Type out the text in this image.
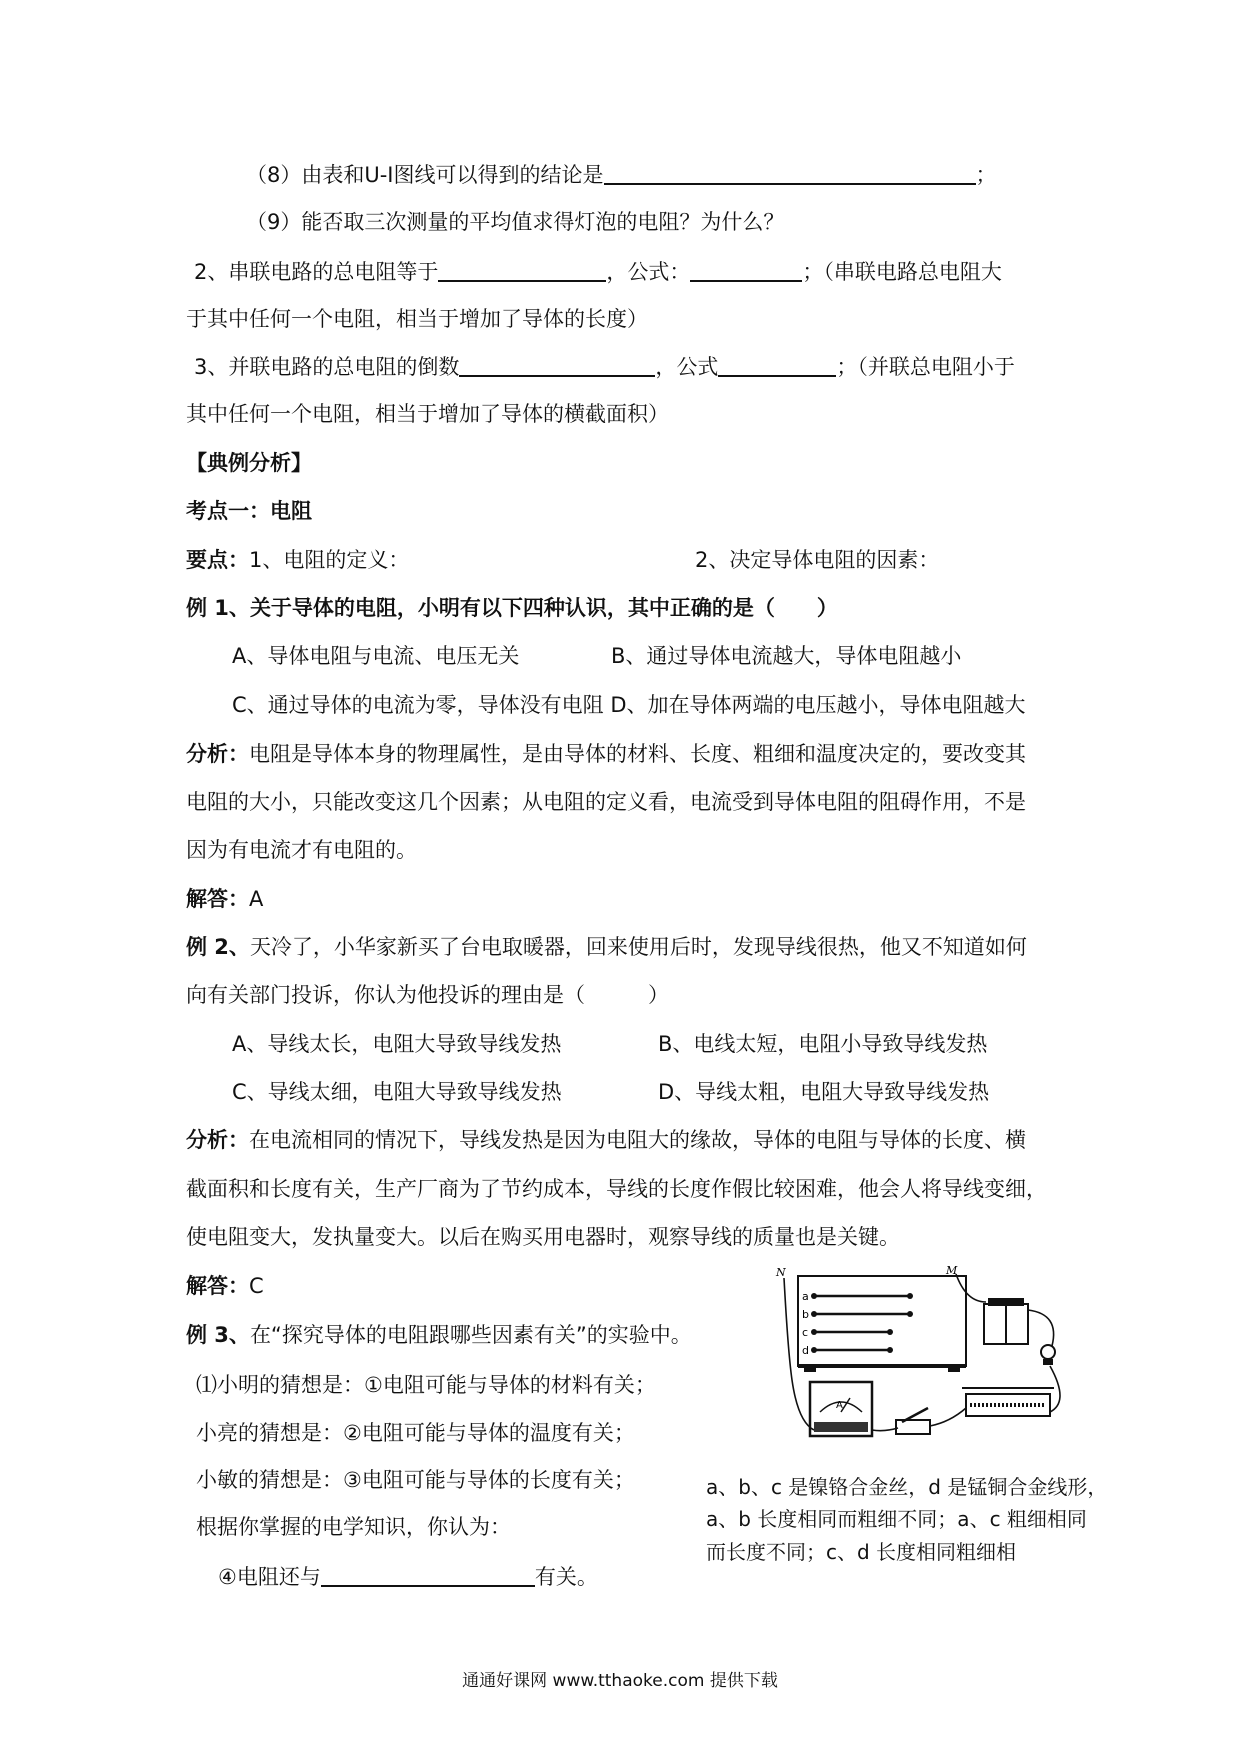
（8）由表和U-I图线可以得到的结论是	；
（9）能否取三次测量的平均值求得灯泡的电阻？为什么？
2、串联电路的总电阻等于	，公式：	；（串联电路总电阻大
于其中任何一个电阻，相当于增加了导体的长度）
3、并联电路的总电阻的倒数	，公式	；（并联总电阻小于
其中任何一个电阻，相当于增加了导体的横截面积）
【典例分析】
考点一：电阻
要点：1、电阻的定义：	2、决定导体电阻的因素：
例 1、关于导体的电阻，小明有以下四种认识，其中正确的是（　　）
A、导体电阻与电流、电压无关	B、通过导体电流越大，导体电阻越小
C、通过导体的电流为零，导体没有电阻 D、加在导体两端的电压越小，导体电阻越大
分析：电阻是导体本身的物理属性，是由导体的材料、长度、粗细和温度决定的，要改变其
电阻的大小，只能改变这几个因素；从电阻的定义看，电流受到导体电阻的阻碍作用，不是
因为有电流才有电阻的。
解答：A
例 2、天冷了，小华家新买了台电取暖器，回来使用后时，发现导线很热，他又不知道如何
向有关部门投诉，你认为他投诉的理由是（　　　）
A、导线太长，电阻大导致导线发热	B、电线太短，电阻小导致导线发热
C、导线太细，电阻大导致导线发热	D、导线太粗，电阻大导致导线发热
分析：在电流相同的情况下，导线发热是因为电阻大的缘故，导体的电阻与导体的长度、横
截面积和长度有关，生产厂商为了节约成本，导线的长度作假比较困难，他会人将导线变细，
使电阻变大，发执量变大。以后在购买用电器时，观察导线的质量也是关键。
解答：C
例 3、在“探究导体的电阻跟哪些因素有关”的实验中。
⑴小明的猜想是：①电阻可能与导体的材料有关；
小亮的猜想是：②电阻可能与导体的温度有关；
小敏的猜想是：③电阻可能与导体的长度有关；
根据你掌握的电学知识，你认为：
④电阻还与	有关。
a
b
c
d
N	M
A
a、b、c 是镍铬合金丝，d 是锰铜合金线形，
a、b 长度相同而粗细不同；a、c 粗细相同
而长度不同；c、d 长度相同粗细相
通通好课网 www.tthaoke.com 提供下载
